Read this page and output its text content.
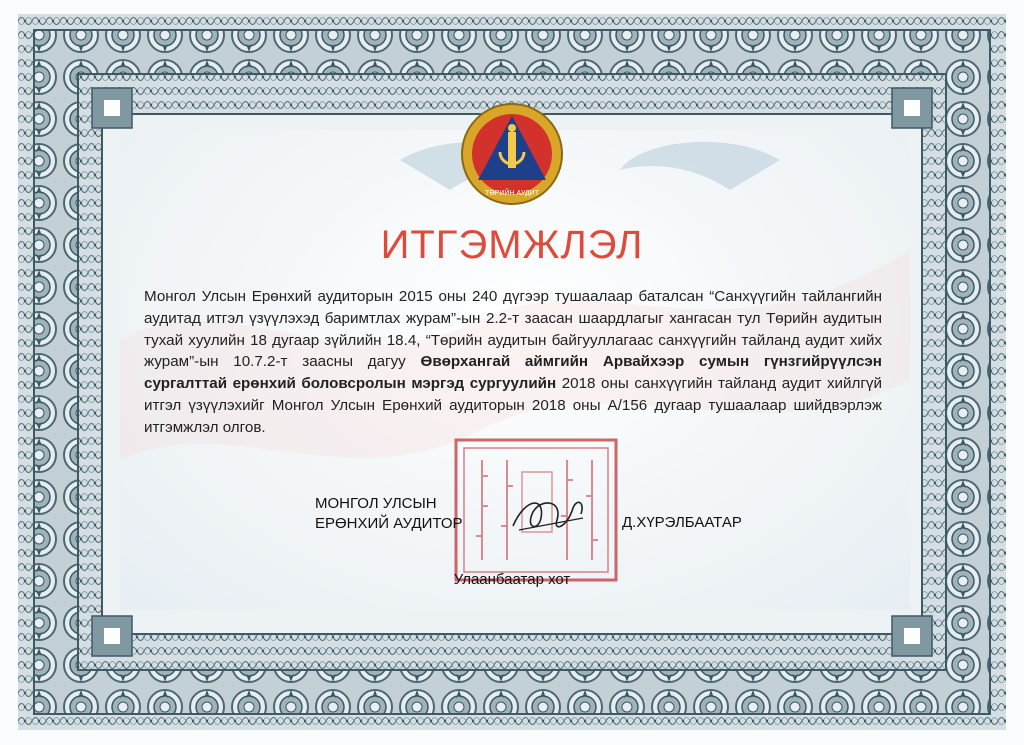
ТӨРИЙН АУДИТ
ИТГЭМЖЛЭЛ
Монгол Улсын Ерөнхий аудиторын 2015 оны 240 дүгээр тушаалаар баталсан “Санхүүгийн тайлангийн аудитад итгэл үзүүлэхэд баримтлах журам”-ын 2.2-т заасан шаардлагыг хангасан тул Төрийн аудитын тухай хуулийн 18 дугаар зүйлийн 18.4, “Төрийн аудитын байгууллагаас санхүүгийн тайланд аудит хийх журам”-ын 10.7.2-т заасны дагуу Өвөрхангай аймгийн Арвайхээр сумын гүнзгийрүүлсэн сургалттай ерөнхий боловсролын мэргэд сургуулийн 2018 оны санхүүгийн тайланд аудит хийлгүй итгэл үзүүлэхийг Монгол Улсын Ерөнхий аудиторын 2018 оны А/156 дугаар тушаалаар шийдвэрлэж итгэмжлэл олгов.
МОНГОЛ УЛСЫН
ЕРӨНХИЙ АУДИТОР	Д.ХҮРЭЛБААТАР
Улаанбаатар хот
